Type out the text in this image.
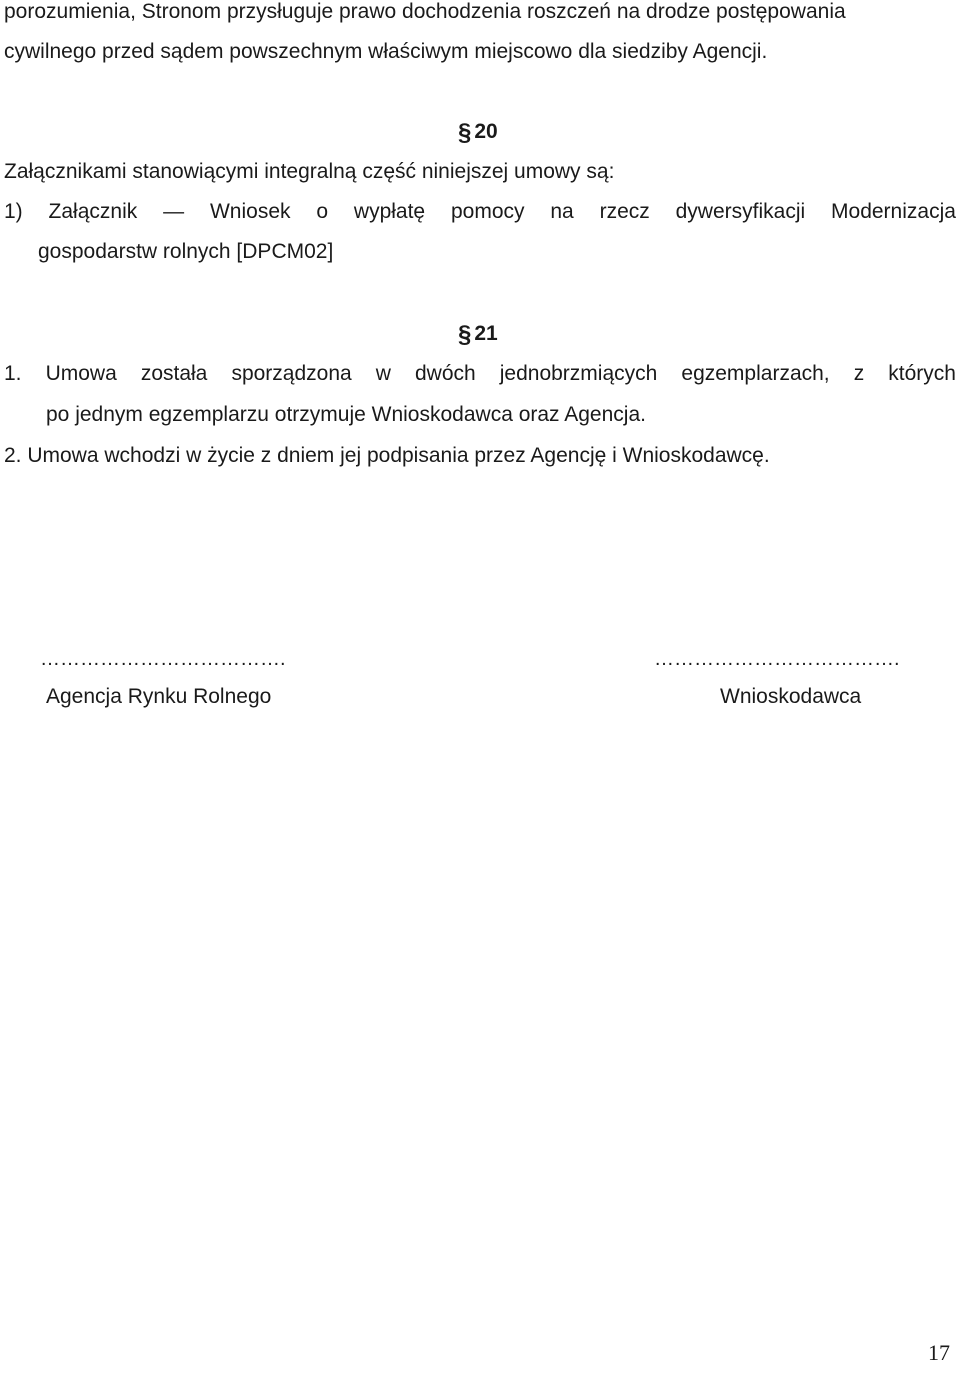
porozumienia, Stronom przysługuje prawo dochodzenia roszczeń na drodze postępowania

cywilnego przed sądem powszechnym właściwym miejscowo dla siedziby Agencji.

§ 20

Załącznikami stanowiącymi integralną część niniejszej umowy są:

1) Załącznik — Wniosek o wypłatę pomocy na rzecz dywersyfikacji Modernizacja

gospodarstw rolnych [DPCM02]

§ 21
1. Umowa została sporządzona w dwóch jednobrzmiących egzemplarzach, z których

po jednym egzemplarzu otrzymuje Wnioskodawca oraz Agencja.

2. Umowa wchodzi w życie z dniem jej podpisania przez Agencję i Wnioskodawcę.

……………………………….
Agencja Rynku Rolnego
……………………………….
Wnioskodawca
17
